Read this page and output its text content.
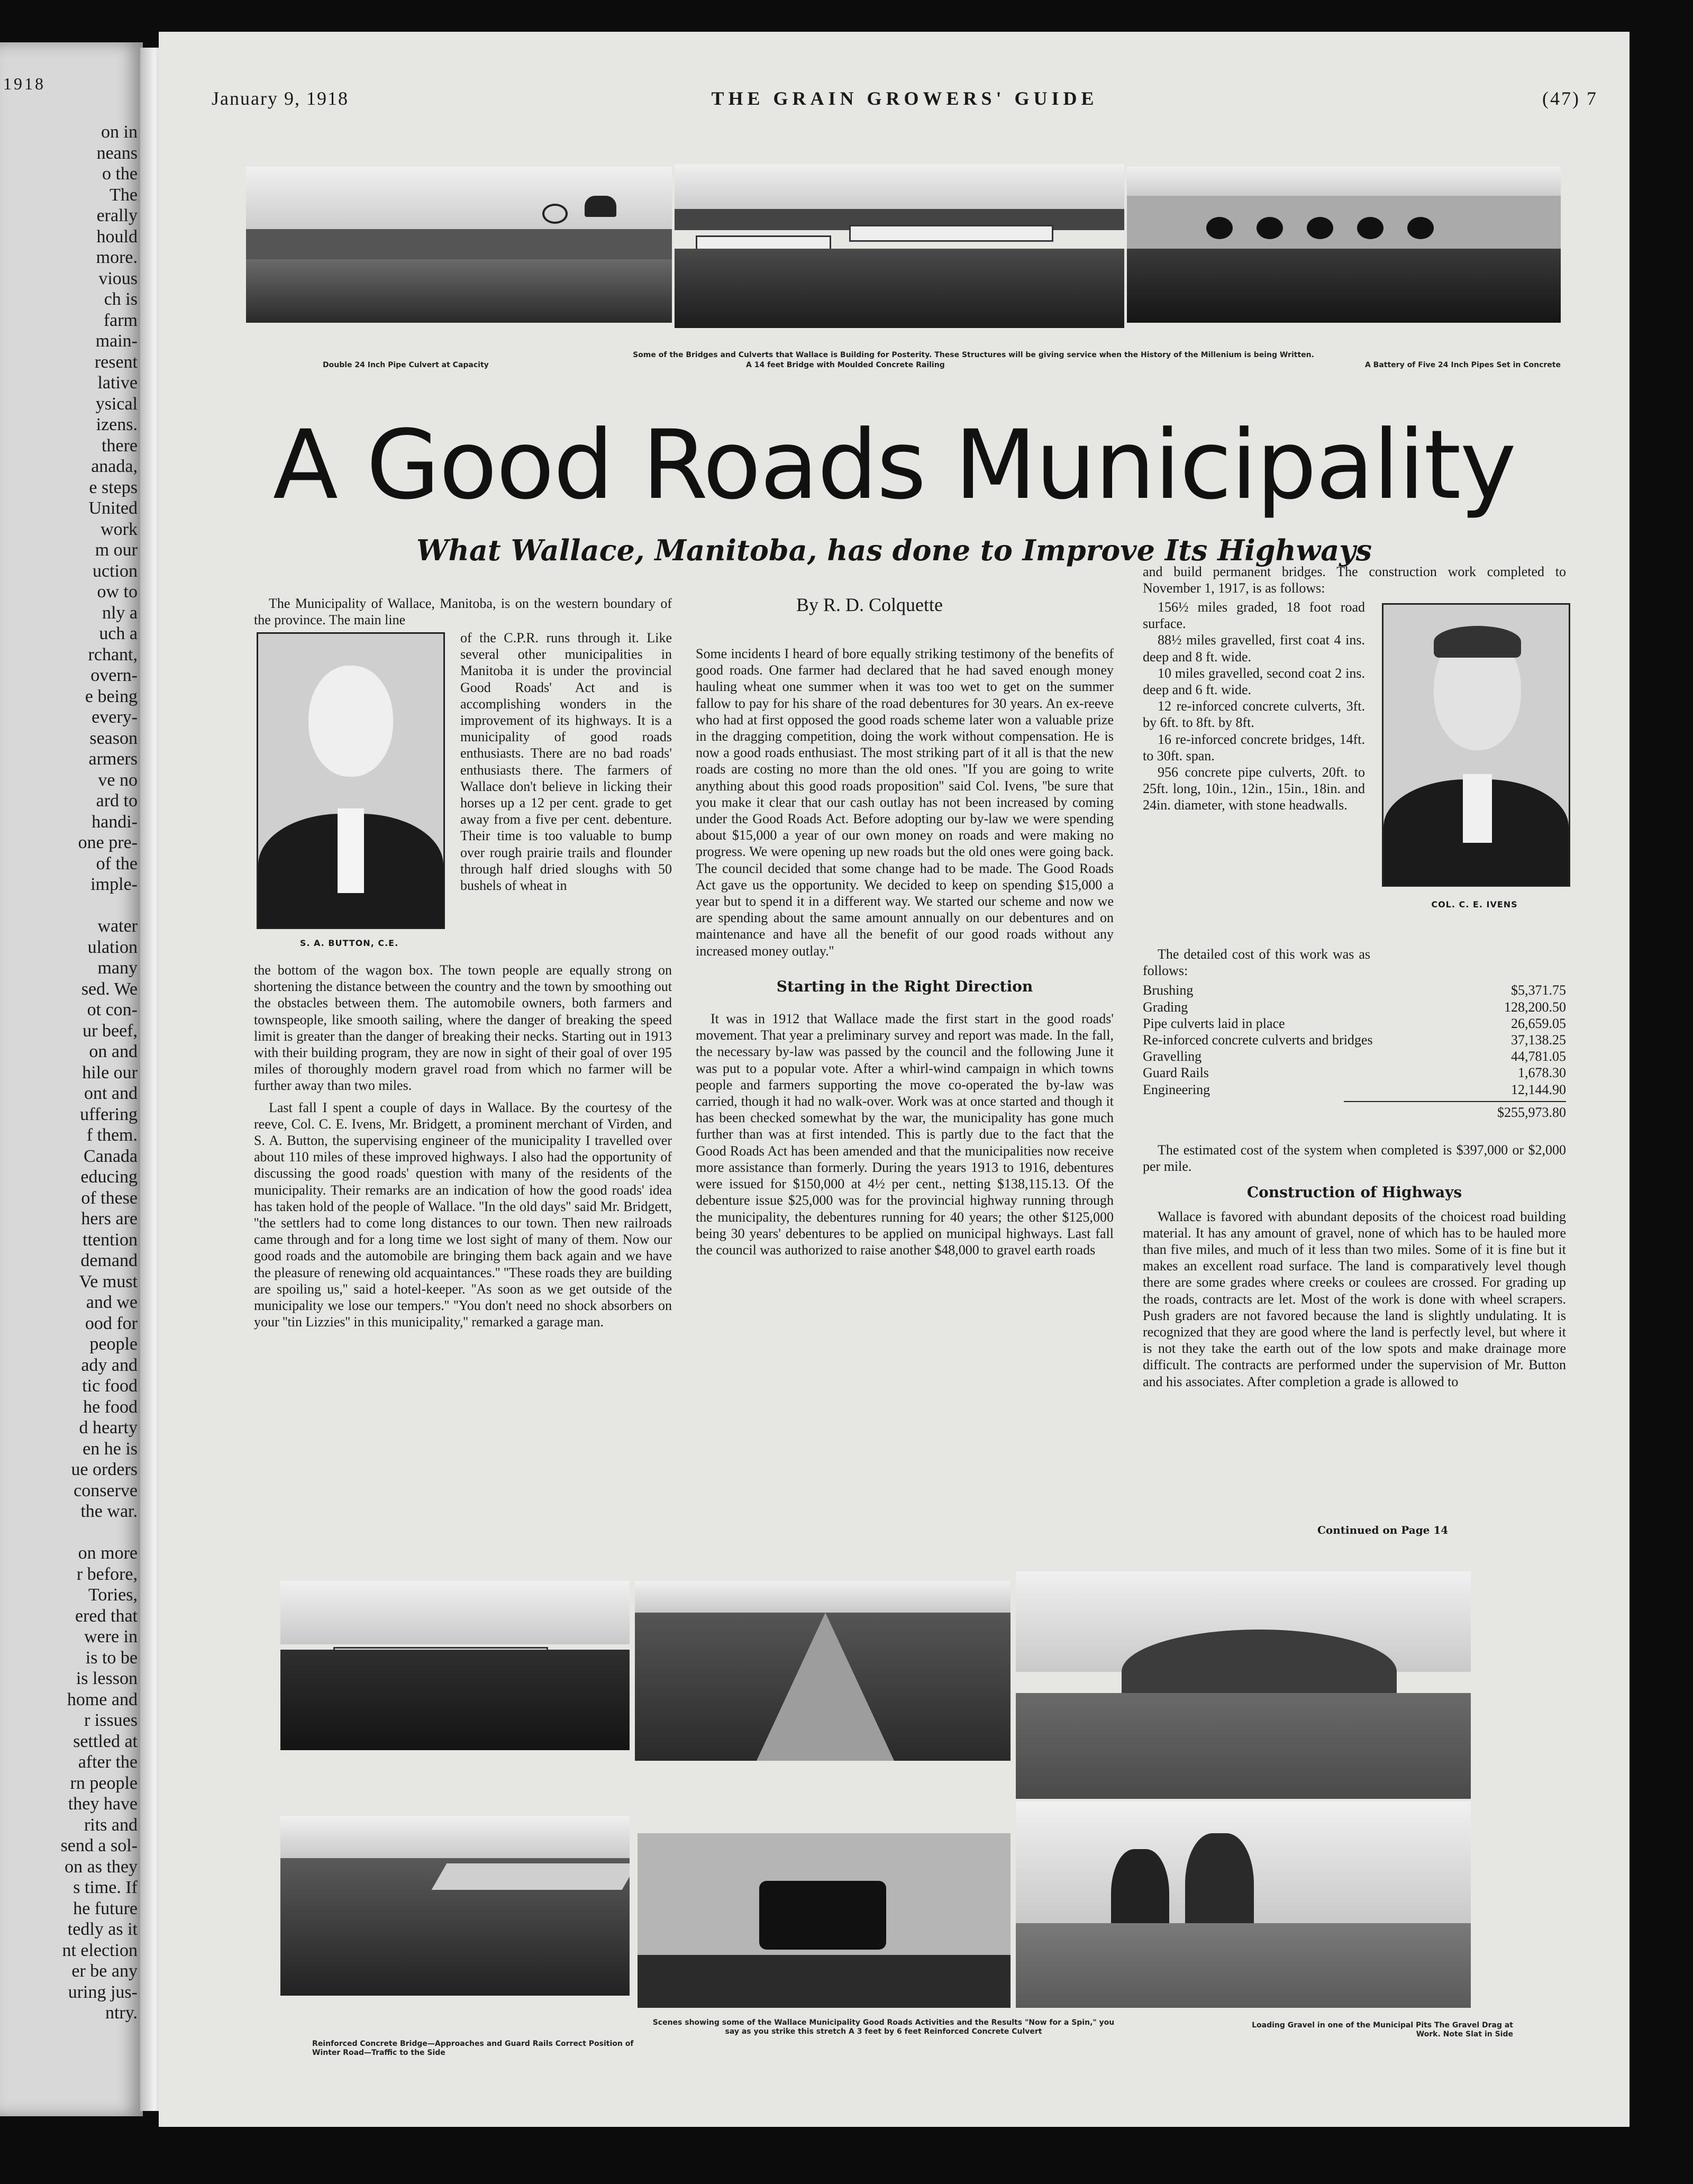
1918
on in
neans
o the
The
erally
hould
more.
vious
ch is
farm
main-
resent
lative
ysical
izens.
there
anada,
e steps
United
work
m our
uction
ow to
nly a
uch a
rchant,
overn-
e being
every-
season
armers
ve no
ard to
handi-
one pre-
of the
imple-

water
ulation
many
sed. We
ot con-
ur beef,
on and
hile our
ont and
uffering
f them.
Canada
educing
of these
hers are
ttention
demand
Ve must
and we
ood for
people
ady and
tic food
he food
d hearty
en he is
ue orders
conserve
the war.

on more
r before,
Tories,
ered that
were in
is to be
is lesson
home and
r issues
settled at
after the
rn people
they have
rits and
send a sol-
on as they
s time. If
he future
tedly as it
nt election
er be any
uring jus-
ntry.
January 9, 1918	THE GRAIN GROWERS' GUIDE	(47) 7
Some of the Bridges and Culverts that Wallace is Building for Posterity. These Structures will be giving service when the History of the Millenium is being Written.
Double 24 Inch Pipe Culvert at Capacity	A 14 feet Bridge with Moulded Concrete Railing	A Battery of Five 24 Inch Pipes Set in Concrete
A Good Roads Municipality
What Wallace, Manitoba, has done to Improve Its Highways
By R. D. Colquette
S. A. BUTTON, C.E.
COL. C. E. IVENS

The Municipality of Wallace, Manitoba, is on the western boundary of the province. The main line

of the C.P.R. runs through it. Like several other municipalities in Manitoba it is under the provincial Good Roads' Act and is accomplishing wonders in the improvement of its highways. It is a municipality of good roads enthusiasts. There are no bad roads' enthusiasts there. The farmers of Wallace don't believe in licking their horses up a 12 per cent. grade to get away from a five per cent. debenture. Their time is too valuable to bump over rough prairie trails and flounder through half dried sloughs with 50 bushels of wheat in

the bottom of the wagon box. The town people are equally strong on shortening the distance between the country and the town by smoothing out the obstacles between them. The automobile owners, both farmers and townspeople, like smooth sailing, where the danger of breaking the speed limit is greater than the danger of breaking their necks. Starting out in 1913 with their building program, they are now in sight of their goal of over 195 miles of thoroughly modern gravel road from which no farmer will be further away than two miles.

Last fall I spent a couple of days in Wallace. By the courtesy of the reeve, Col. C. E. Ivens, Mr. Bridgett, a prominent merchant of Virden, and S. A. Button, the supervising engineer of the municipality I travelled over about 110 miles of these improved highways. I also had the opportunity of discussing the good roads' question with many of the residents of the municipality. Their remarks are an indication of how the good roads' idea has taken hold of the people of Wallace. ''In the old days'' said Mr. Bridgett, ''the settlers had to come long distances to our town. Then new railroads came through and for a long time we lost sight of many of them. Now our good roads and the automobile are bringing them back again and we have the pleasure of renewing old acquaintances.'' ''These roads they are building are spoiling us,'' said a hotel-keeper. ''As soon as we get outside of the municipality we lose our tempers.'' ''You don't need no shock absorbers on your ''tin Lizzies'' in this municipality,'' remarked a garage man.

Some incidents I heard of bore equally striking testimony of the benefits of good roads. One farmer had declared that he had saved enough money hauling wheat one summer when it was too wet to get on the summer fallow to pay for his share of the road debentures for 30 years. An ex-reeve who had at first opposed the good roads scheme later won a valuable prize in the dragging competition, doing the work without compensation. He is now a good roads enthusiast. The most striking part of it all is that the new roads are costing no more than the old ones. ''If you are going to write anything about this good roads proposition'' said Col. Ivens, ''be sure that you make it clear that our cash outlay has not been increased by coming under the Good Roads Act. Before adopting our by-law we were spending about $15,000 a year of our own money on roads and were making no progress. We were opening up new roads but the old ones were going back. The council decided that some change had to be made. The Good Roads Act gave us the opportunity. We decided to keep on spending $15,000 a year but to spend it in a different way. We started our scheme and now we are spending about the same amount annually on our debentures and on maintenance and have all the benefit of our good roads without any increased money outlay.''

Starting in the Right Direction

It was in 1912 that Wallace made the first start in the good roads' movement. That year a preliminary survey and report was made. In the fall, the necessary by-law was passed by the council and the following June it was put to a popular vote. After a whirl-wind campaign in which towns people and farmers supporting the move co-operated the by-law was carried, though it had no walk-over. Work was at once started and though it has been checked somewhat by the war, the municipality has gone much further than was at first intended. This is partly due to the fact that the Good Roads Act has been amended and that the municipalities now receive more assistance than formerly. During the years 1913 to 1916, debentures were issued for $150,000 at 4½ per cent., netting $138,115.13. Of the debenture issue $25,000 was for the provincial highway running through the municipality, the debentures running for 40 years; the other $125,000 being 30 years' debentures to be applied on municipal highways. Last fall the council was authorized to raise another $48,000 to gravel earth roads

and build permanent bridges. The construction work completed to November 1, 1917, is as follows:

156½ miles graded, 18 foot road surface.

88½ miles gravelled, first coat 4 ins. deep and 8 ft. wide.

10 miles gravelled, second coat 2 ins. deep and 6 ft. wide.

12 re-inforced concrete culverts, 3ft. by 6ft. to 8ft. by 8ft.

16 re-inforced concrete bridges, 14ft. to 30ft. span.

956 concrete pipe culverts, 20ft. to 25ft. long, 10in., 12in., 15in., 18in. and 24in. diameter, with stone headwalls.

The detailed cost of this work was as follows:

Brushing	$5,371.75
Grading	128,200.50
Pipe culverts laid in place	26,659.05
Re-inforced concrete culverts and bridges	37,138.25
Gravelling	44,781.05
Guard Rails	1,678.30
Engineering	12,144.90
$255,973.80

The estimated cost of the system when completed is $397,000 or $2,000 per mile.

Construction of Highways

Wallace is favored with abundant deposits of the choicest road building material. It has any amount of gravel, none of which has to be hauled more than five miles, and much of it less than two miles. Some of it is fine but it makes an excellent road surface. The land is comparatively level though there are some grades where creeks or coulees are crossed. For grading up the roads, contracts are let. Most of the work is done with wheel scrapers. Push graders are not favored because the land is slightly undulating. It is recognized that they are good where the land is perfectly level, but where it is not they take the earth out of the low spots and make drainage more difficult. The contracts are performed under the supervision of Mr. Button and his associates. After completion a grade is allowed to

Continued on Page 14
Reinforced Concrete Bridge—Approaches and Guard Rails Correct Position of Winter Road—Traffic to the Side
Scenes showing some of the Wallace Municipality Good Roads Activities and the Results "Now for a Spin," you say as you strike this stretch A 3 feet by 6 feet Reinforced Concrete Culvert
Loading Gravel in one of the Municipal Pits The Gravel Drag at Work. Note Slat in Side
